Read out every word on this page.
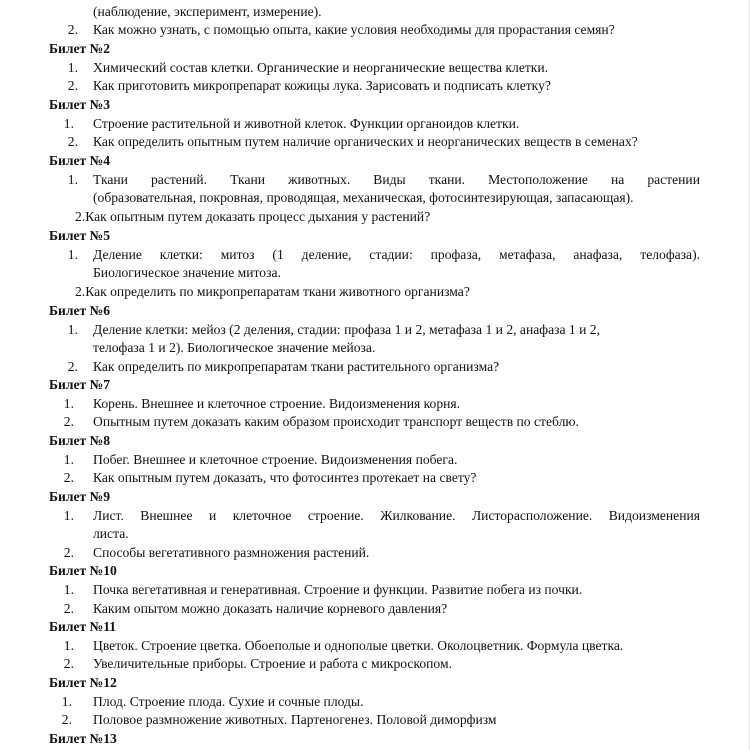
(наблюдение, эксперимент, измерение).
2. Как можно узнать, с помощью опыта, какие условия необходимы для прорастания семян?
Билет №2
1. Химический состав клетки. Органические и неорганические вещества клетки.
2. Как приготовить микропрепарат кожицы лука. Зарисовать и подписать клетку?
Билет №3
1. Строение растительной и животной клеток. Функции органоидов клетки.
2. Как определить опытным путем наличие органических и неорганических веществ в семенах?
Билет №4
1. Ткани растений. Ткани животных. Виды ткани. Местоположение на растении
(образовательная, покровная, проводящая, механическая, фотосинтезирующая, запасающая).
2.Как опытным путем доказать процесс дыхания у растений?
Билет №5
1. Деление клетки: митоз (1 деление, стадии: профаза, метафаза, анафаза, телофаза).
Биологическое значение митоза.
2.Как определить по микропрепаратам ткани животного организма?
Билет №6
1. Деление клетки: мейоз (2 деления, стадии: профаза 1 и 2, метафаза 1 и 2, анафаза 1 и 2,
телофаза 1 и 2). Биологическое значение мейоза.
2. Как определить по микропрепаратам ткани растительного организма?
Билет №7
1. Корень. Внешнее и клеточное строение. Видоизменения корня.
2. Опытным путем доказать каким образом происходит транспорт веществ по стеблю.
Билет №8
1. Побег. Внешнее и клеточное строение. Видоизменения побега.
2. Как опытным путем доказать, что фотосинтез протекает на свету?
Билет №9
1. Лист. Внешнее и клеточное строение. Жилкование. Листорасположение. Видоизменения
листа.
2. Способы вегетативного размножения растений.
Билет №10
1. Почка вегетативная и генеративная. Строение и функции. Развитие побега из почки.
2. Каким опытом можно доказать наличие корневого давления?
Билет №11
1. Цветок. Строение цветка. Обоеполые и однополые цветки. Околоцветник. Формула цветка.
2. Увеличительные приборы. Строение и работа с микроскопом.
Билет №12
1. Плод. Строение плода. Сухие и сочные плоды.
2. Половое размножение животных. Партеногенез. Половой диморфизм
Билет №13
